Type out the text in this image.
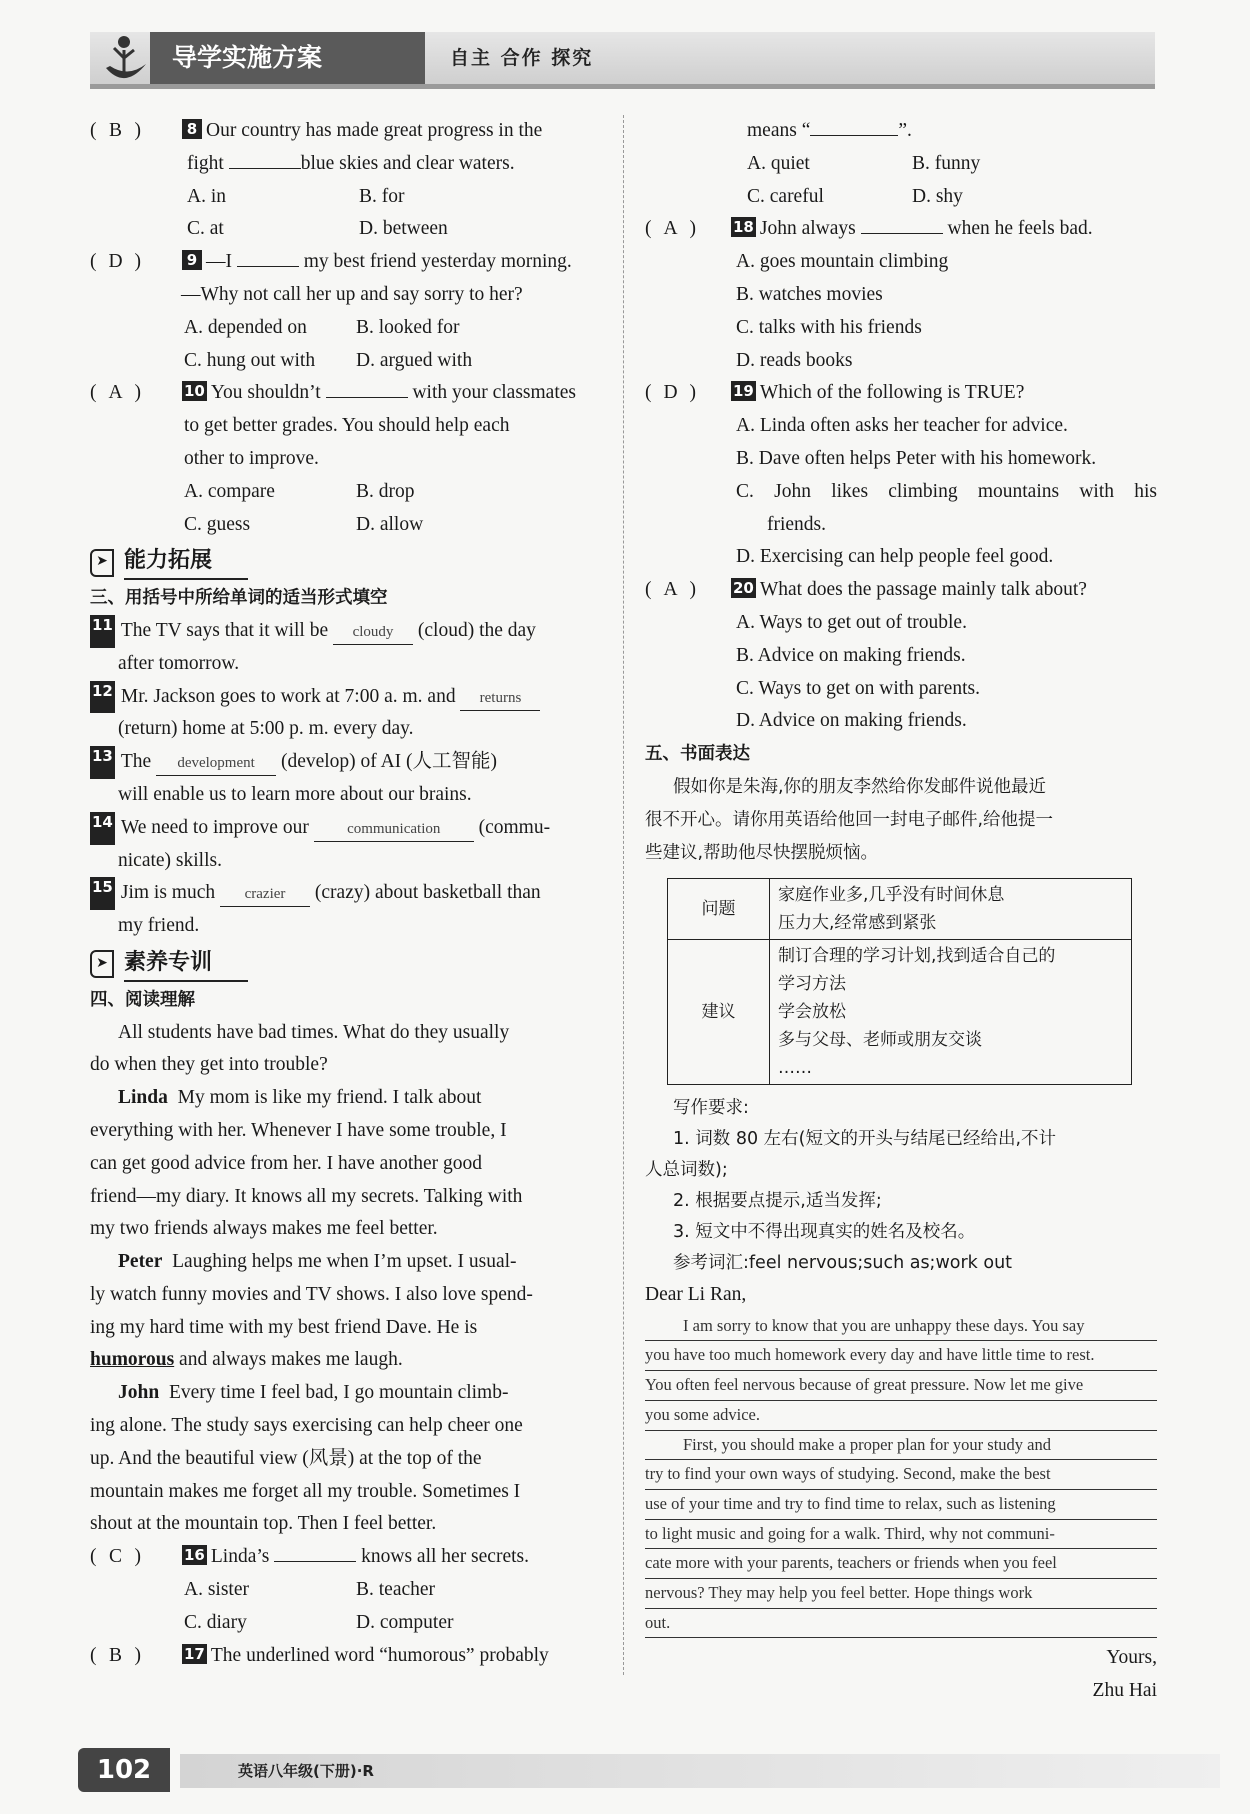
导学实施方案	自主 合作 探究
( B )	8 Our country has made great progress in the

fight	blue skies and clear waters.

A. in	B. for
C. at	D. between
( D )	9 —I	my best friend yesterday morning.

—Why not call her up and say sorry to her?

A. depended on	B. looked for
C. hung out with	D. argued with
( A )	10 You shouldn’t	with your classmates

to get better grades. You should help each

other to improve.

A. compare	B. drop
C. guess	D. allow
➤ 能力拓展

三、用括号中所给单词的适当形式填空

11 The TV says that it will be cloudy (cloud) the day

after tomorrow.

12 Mr. Jackson goes to work at 7:00 a. m. and returns

(return) home at 5:00 p. m. every day.

13 The development (develop) of AI (人工智能)

will enable us to learn more about our brains.

14 We need to improve our	communication (commu-

nicate) skills.

15 Jim is much crazier (crazy) about basketball than

my friend.

➤ 素养专训

四、阅读理解

All students have bad times. What do they usually

do when they get into trouble?

Linda My mom is like my friend. I talk about

everything with her. Whenever I have some trouble, I

can get good advice from her. I have another good

friend—my diary. It knows all my secrets. Talking with

my two friends always makes me feel better.

Peter Laughing helps me when I’m upset. I usual-

ly watch funny movies and TV shows. I also love spend-

ing my hard time with my best friend Dave. He is

humorous and always makes me laugh.

John Every time I feel bad, I go mountain climb-

ing alone. The study says exercising can help cheer one

up. And the beautiful view (风景) at the top of the

mountain makes me forget all my trouble. Sometimes I

shout at the mountain top. Then I feel better.

( C )	16 Linda’s	knows all her secrets.
A. sister	B. teacher
C. diary	D. computer
( B )	17 The underlined word “humorous” probably

means “	”.

A. quiet	B. funny
C. careful	D. shy
( A )	18 John always	when he feels bad.

A. goes mountain climbing

B. watches movies

C. talks with his friends

D. reads books

( D )	19 Which of the following is TRUE?

A. Linda often asks her teacher for advice.

B. Dave often helps Peter with his homework.

C. John likes climbing mountains with his

friends.

D. Exercising can help people feel good.

( A )	20 What does the passage mainly talk about?

A. Ways to get out of trouble.

B. Advice on making friends.

C. Ways to get on with parents.

D. Advice on making friends.

五、书面表达

假如你是朱海,你的朋友李然给你发邮件说他最近

很不开心。请你用英语给他回一封电子邮件,给他提一

些建议,帮助他尽快摆脱烦恼。

问题	家庭作业多,几乎没有时间休息
压力大,经常感到紧张

建议	制订合理的学习计划,找到适合自己的
学习方法
学会放松
多与父母、老师或朋友交谈
……

写作要求:

1. 词数 80 左右(短文的开头与结尾已经给出,不计

人总词数);

2. 根据要点提示,适当发挥;

3. 短文中不得出现真实的姓名及校名。

参考词汇:feel nervous;such as;work out

Dear Li Ran,

I am sorry to know that you are unhappy these days. You say

you have too much homework every day and have little time to rest.

You often feel nervous because of great pressure. Now let me give

you some advice.

First, you should make a proper plan for your study and

try to find your own ways of studying. Second, make the best

use of your time and try to find time to relax, such as listening

to light music and going for a walk. Third, why not communi-

cate more with your parents, teachers or friends when you feel

nervous? They may help you feel better. Hope things work

out.

Yours,

Zhu Hai

102	英语八年级(下册)·R
